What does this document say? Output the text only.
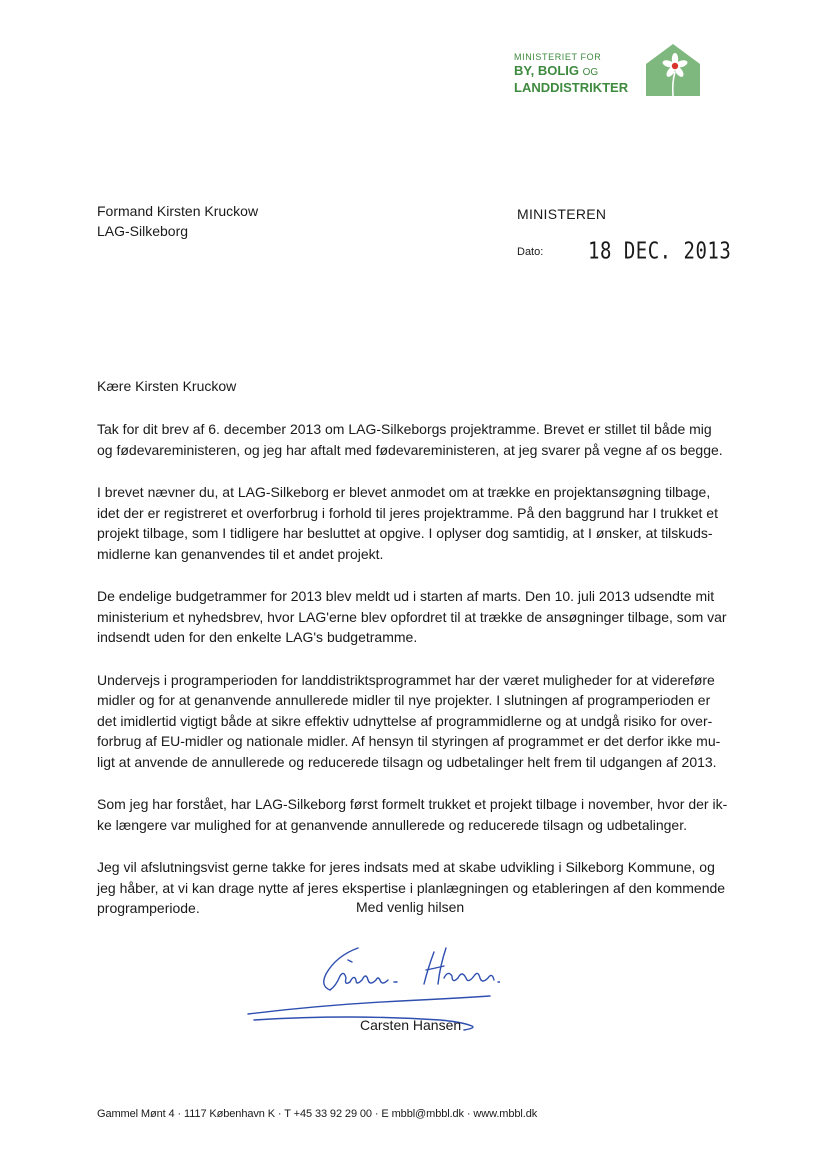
MINISTERIET FOR
BY, BOLIG OG
LANDDISTRIKTER
Formand Kirsten Kruckow
LAG-Silkeborg
MINISTEREN
Dato: 18 DEC. 2013
Kære Kirsten Kruckow

Tak for dit brev af 6. december 2013 om LAG-Silkeborgs projektramme. Brevet er stillet til både mig
og fødevareministeren, og jeg har aftalt med fødevareministeren, at jeg svarer på vegne af os begge.

I brevet nævner du, at LAG-Silkeborg er blevet anmodet om at trække en projektansøgning tilbage,
idet der er registreret et overforbrug i forhold til jeres projektramme. På den baggrund har I trukket et
projekt tilbage, som I tidligere har besluttet at opgive. I oplyser dog samtidig, at I ønsker, at tilskuds-
midlerne kan genanvendes til et andet projekt.

De endelige budgetrammer for 2013 blev meldt ud i starten af marts. Den 10. juli 2013 udsendte mit
ministerium et nyhedsbrev, hvor LAG'erne blev opfordret til at trække de ansøgninger tilbage, som var
indsendt uden for den enkelte LAG's budgetramme.

Undervejs i programperioden for landdistriktsprogrammet har der været muligheder for at videreføre
midler og for at genanvende annullerede midler til nye projekter. I slutningen af programperioden er
det imidlertid vigtigt både at sikre effektiv udnyttelse af programmidlerne og at undgå risiko for over-
forbrug af EU-midler og nationale midler. Af hensyn til styringen af programmet er det derfor ikke mu-
ligt at anvende de annullerede og reducerede tilsagn og udbetalinger helt frem til udgangen af 2013.

Som jeg har forstået, har LAG-Silkeborg først formelt trukket et projekt tilbage i november, hvor der ik-
ke længere var mulighed for at genanvende annullerede og reducerede tilsagn og udbetalinger.

Jeg vil afslutningsvist gerne takke for jeres indsats med at skabe udvikling i Silkeborg Kommune, og
jeg håber, at vi kan drage nytte af jeres ekspertise i planlægningen og etableringen af den kommende
programperiode.	Med venlig hilsen
Carsten Hansen
Gammel Mønt 4 · 1117 København K · T +45 33 92 29 00 · E mbbl@mbbl.dk · www.mbbl.dk
